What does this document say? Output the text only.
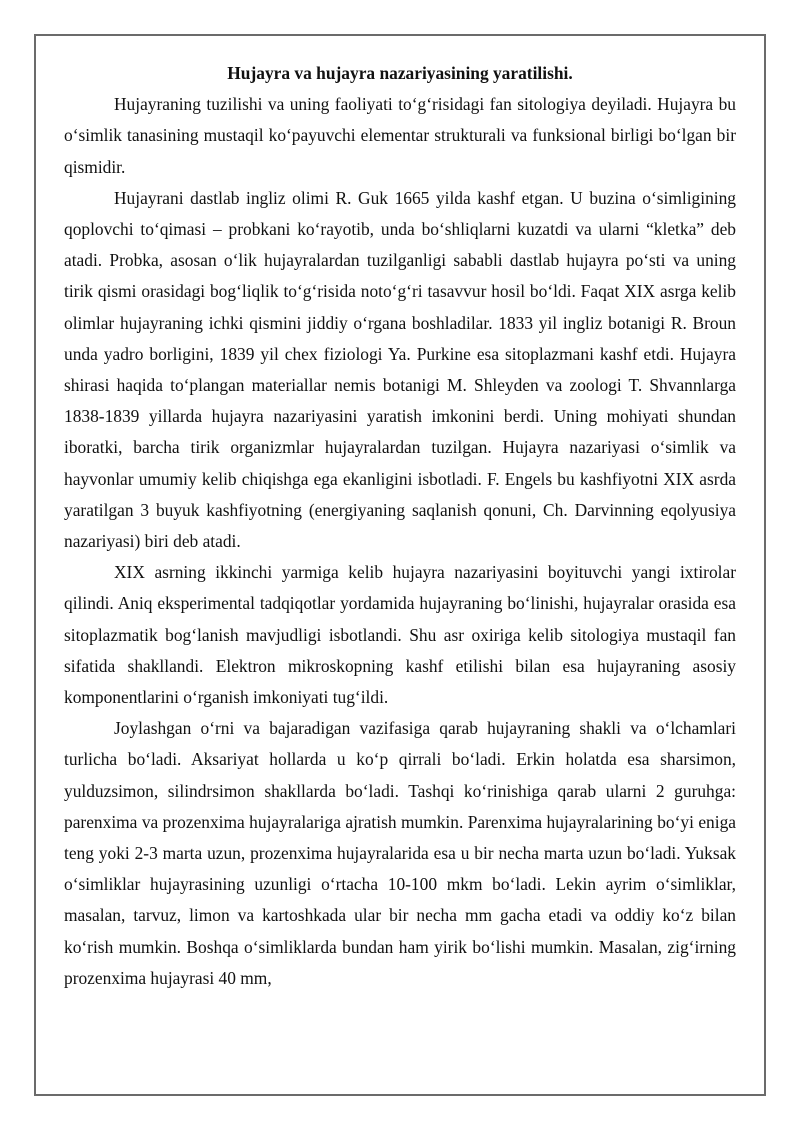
Hujayra va hujayra nazariyasining yaratilishi.

Hujayraning tuzilishi va uning faoliyati to‘g‘risidagi fan sitologiya deyiladi. Hujayra bu o‘simlik tanasining mustaqil ko‘payuvchi elementar strukturali va funksional birligi bo‘lgan bir qismidir.

Hujayrani dastlab ingliz olimi R. Guk 1665 yilda kashf etgan. U buzina o‘simligining qoplovchi to‘qimasi – probkani ko‘rayotib, unda bo‘shliqlarni kuzatdi va ularni “kletka” deb atadi. Probka, asosan o‘lik hujayralardan tuzilganligi sababli dastlab hujayra po‘sti va uning tirik qismi orasidagi bog‘liqlik to‘g‘risida noto‘g‘ri tasavvur hosil bo‘ldi. Faqat XIX asrga kelib olimlar hujayraning ichki qismini jiddiy o‘rgana boshladilar. 1833 yil ingliz botanigi R. Broun unda yadro borligini, 1839 yil chex fiziologi Ya. Purkine esa sitoplazmani kashf etdi. Hujayra shirasi haqida to‘plangan materiallar nemis botanigi M. Shleyden va zoologi T. Shvannlarga 1838-1839 yillarda hujayra nazariyasini yaratish imkonini berdi. Uning mohiyati shundan iboratki, barcha tirik organizmlar hujayralardan tuzilgan. Hujayra nazariyasi o‘simlik va hayvonlar umumiy kelib chiqishga ega ekanligini isbotladi. F. Engels bu kashfiyotni XIX asrda yaratilgan 3 buyuk kashfiyotning (energiyaning saqlanish qonuni, Ch. Darvinning eqolyusiya nazariyasi) biri deb atadi.

XIX asrning ikkinchi yarmiga kelib hujayra nazariyasini boyituvchi yangi ixtirolar qilindi. Aniq eksperimental tadqiqotlar yordamida hujayraning bo‘linishi, hujayralar orasida esa sitoplazmatik bog‘lanish mavjudligi isbotlandi. Shu asr oxiriga kelib sitologiya mustaqil fan sifatida shakllandi. Elektron mikroskopning kashf etilishi bilan esa hujayraning asosiy komponentlarini o‘rganish imkoniyati tug‘ildi.

Joylashgan o‘rni va bajaradigan vazifasiga qarab hujayraning shakli va o‘lchamlari turlicha bo‘ladi. Aksariyat hollarda u ko‘p qirrali bo‘ladi. Erkin holatda esa sharsimon, yulduzsimon, silindrsimon shakllarda bo‘ladi. Tashqi ko‘rinishiga qarab ularni 2 guruhga: parenxima va prozenxima hujayralariga ajratish mumkin. Parenxima hujayralarining bo‘yi eniga teng yoki 2-3 marta uzun, prozenxima hujayralarida esa u bir necha marta uzun bo‘ladi. Yuksak o‘simliklar hujayrasining uzunligi o‘rtacha 10-100 mkm bo‘ladi. Lekin ayrim o‘simliklar, masalan, tarvuz, limon va kartoshkada ular bir necha mm gacha etadi va oddiy ko‘z bilan ko‘rish mumkin. Boshqa o‘simliklarda bundan ham yirik bo‘lishi mumkin. Masalan, zig‘irning prozenxima hujayrasi 40 mm,
